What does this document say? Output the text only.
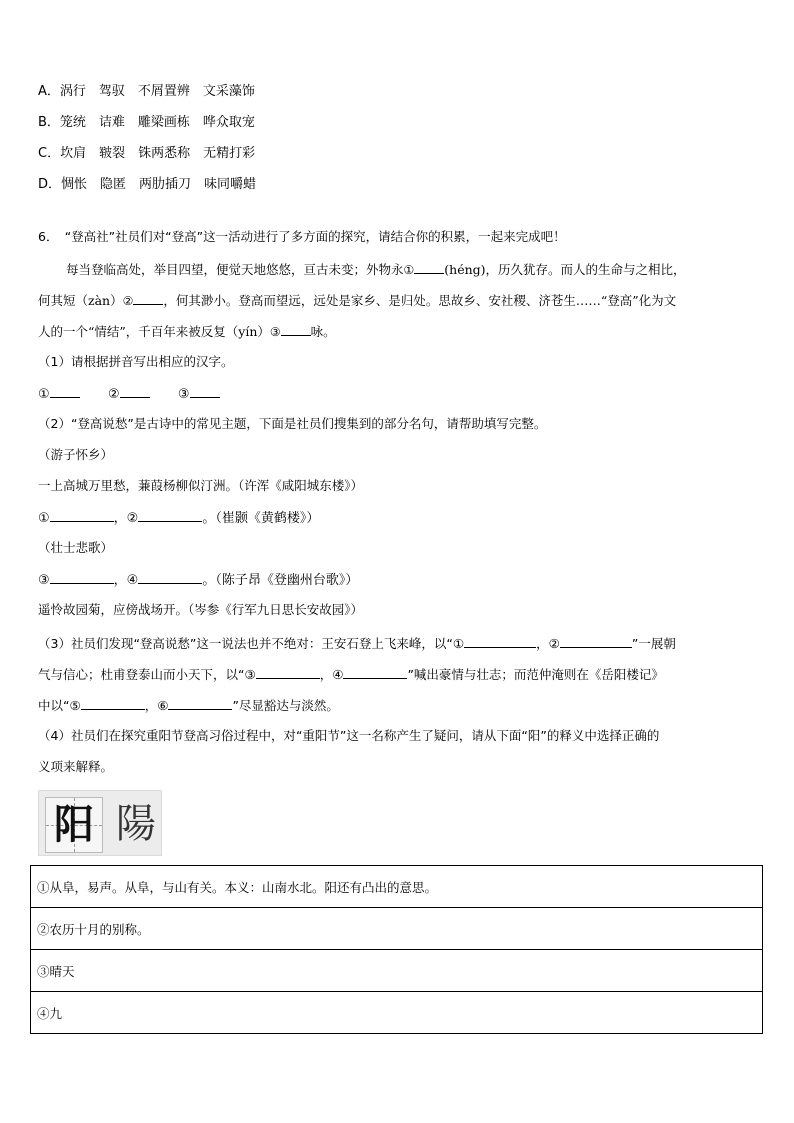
A．涡行　驾驭　不屑置辨　文采藻饰
B．笼统　诘难　雕梁画栋　哗众取宠
C．坎肩　皲裂　铢两悉称　无精打彩
D．惆怅　隐匿　两肋插刀　味同嚼蜡
6．　“登高社”社员们对“登高”这一活动进行了多方面的探究，请结合你的积累，一起来完成吧！
每当登临高处，举目四望，便觉天地悠悠，亘古未变；外物永① (héng)，历久犹存。而人的生命与之相比，
何其短（zàn）② ，何其渺小。登高而望远，远处是家乡、是归处。思故乡、安社稷、济苍生……“登高”化为文
人的一个“情结”，千百年来被反复（yín）③ 咏。
（1）请根据拼音写出相应的汉字。
①	②	③
（2）“登高说愁”是古诗中的常见主题，下面是社员们搜集到的部分名句，请帮助填写完整。
（游子怀乡）
一上高城万里愁，蒹葭杨柳似汀洲。（许浑《咸阳城东楼》）
①	，②	。（崔颢《黄鹤楼》）
（壮士悲歌）
③	，④	。（陈子昂《登幽州台歌》）
遥怜故园菊，应傍战场开。（岑参《行军九日思长安故园》）
（3）社员们发现“登高说愁”这一说法也并不绝对：王安石登上飞来峰，以“①	，②	”一展朝
气与信心；杜甫登泰山而小天下，以“③	，④	”喊出豪情与壮志；而范仲淹则在《岳阳楼记》
中以“⑤	，⑥	”尽显豁达与淡然。
（4）社员们在探究重阳节登高习俗过程中，对“重阳节”这一名称产生了疑问，请从下面“阳”的释义中选择正确的
义项来解释。
阳 陽
①从阜，易声。从阜，与山有关。本义：山南水北。阳还有凸出的意思。
②农历十月的别称。
③晴天
④九
